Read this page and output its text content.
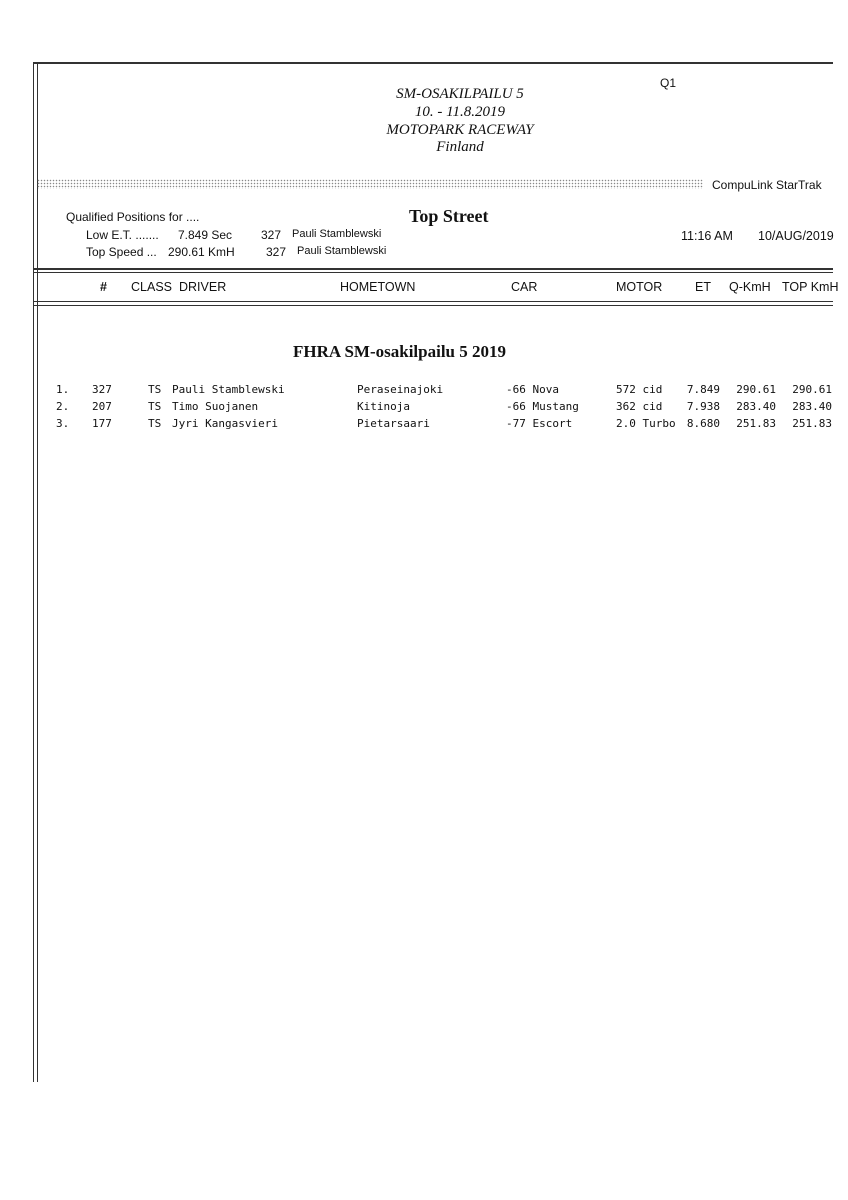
SM-OSAKILPAILU 5
10. - 11.8.2019
MOTOPARK RACEWAY
Finland
Q1
CompuLink StarTrak
Qualified Positions for ....	Top Street
Low E.T. ....... 7.849 Sec 327 Pauli Stamblewski
Top Speed ... 290.61 KmH	327 Pauli Stamblewski
11:16 AM 10/AUG/2019
# CLASS DRIVER	HOMETOWN	CAR	MOTOR	ET Q-KmH TOP KmH
FHRA SM-osakilpailu 5 2019
1. 327	TS Pauli Stamblewski	Peraseinajoki	-66 Nova	572 cid	7.849	290.61	290.61
2. 207	TS Timo Suojanen	Kitinoja	-66 Mustang	362 cid	7.938	283.40	283.40
3. 177	TS Jyri Kangasvieri	Pietarsaari	-77 Escort	2.0 Turbo	8.680	251.83	251.83
